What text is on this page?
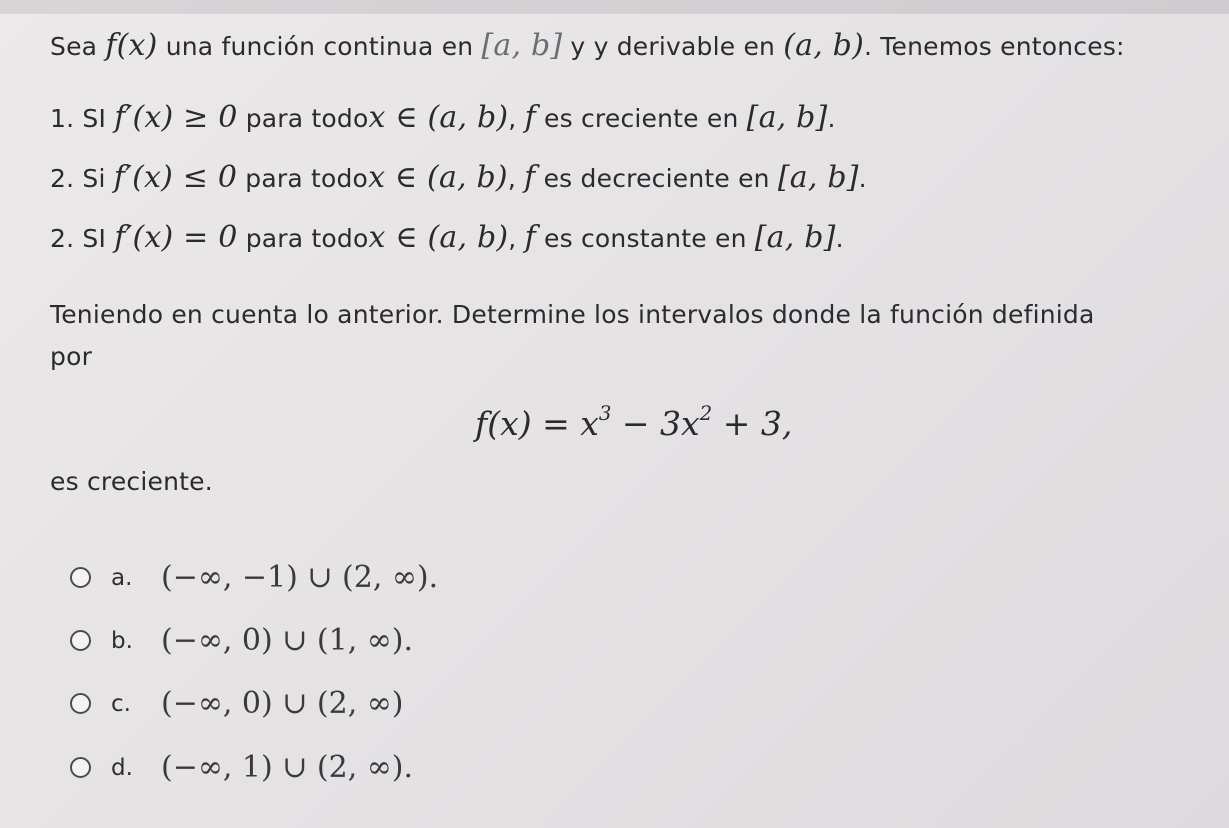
Sea f(x) una función continua en [a, b] y y derivable en (a, b). Tenemos entonces:
1. SI f′(x) ≥ 0 para todox ∈ (a, b), f es creciente en [a, b].
2. Si f′(x) ≤ 0 para todox ∈ (a, b), f es decreciente en [a, b].
2. SI f′(x) = 0 para todox ∈ (a, b), f es constante en [a, b].
Teniendo en cuenta lo anterior. Determine los intervalos donde la función definida
por
$f(x) = x^3 - 3x^2 + 3$,
es creciente.
a. (−∞, −1) ∪ (2, ∞).
b. (−∞, 0) ∪ (1, ∞).
c.	(−∞, 0) ∪ (2, ∞)
d. (−∞, 1) ∪ (2, ∞).
